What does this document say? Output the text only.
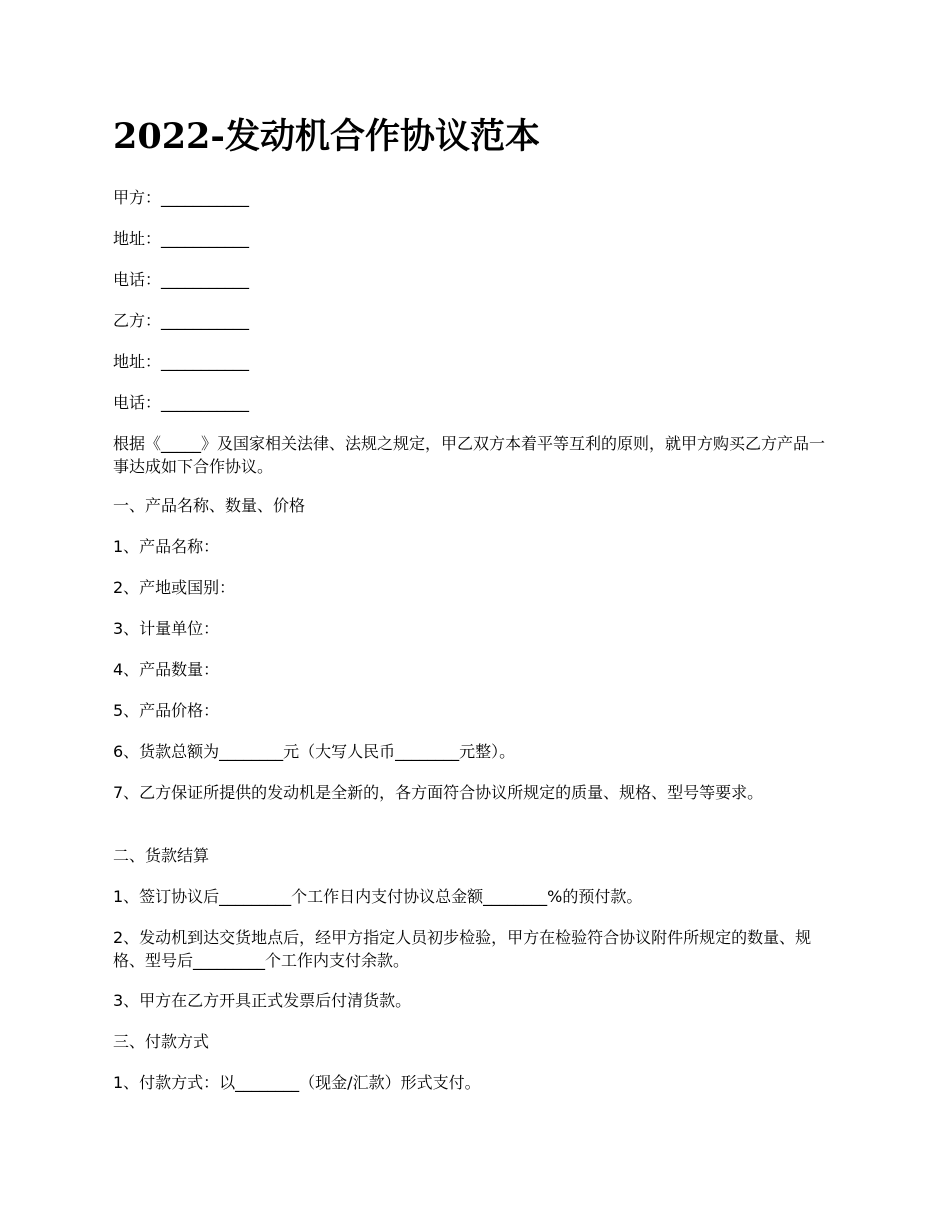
2022-发动机合作协议范本

甲方：___________

地址：___________

电话：___________

乙方：___________

地址：___________

电话：___________

根据《_____》及国家相关法律、法规之规定，甲乙双方本着平等互利的原则，就甲方购买乙方产品一事达成如下合作协议。

一、产品名称、数量、价格

1、产品名称：

2、产地或国别：

3、计量单位：

4、产品数量：

5、产品价格：

6、货款总额为________元（大写人民币________元整）。

7、乙方保证所提供的发动机是全新的，各方面符合协议所规定的质量、规格、型号等要求。

二、货款结算

1、签订协议后_________个工作日内支付协议总金额________%的预付款。

2、发动机到达交货地点后，经甲方指定人员初步检验，甲方在检验符合协议附件所规定的数量、规格、型号后_________个工作内支付余款。

3、甲方在乙方开具正式发票后付清货款。

三、付款方式

1、付款方式：以________（现金/汇款）形式支付。
